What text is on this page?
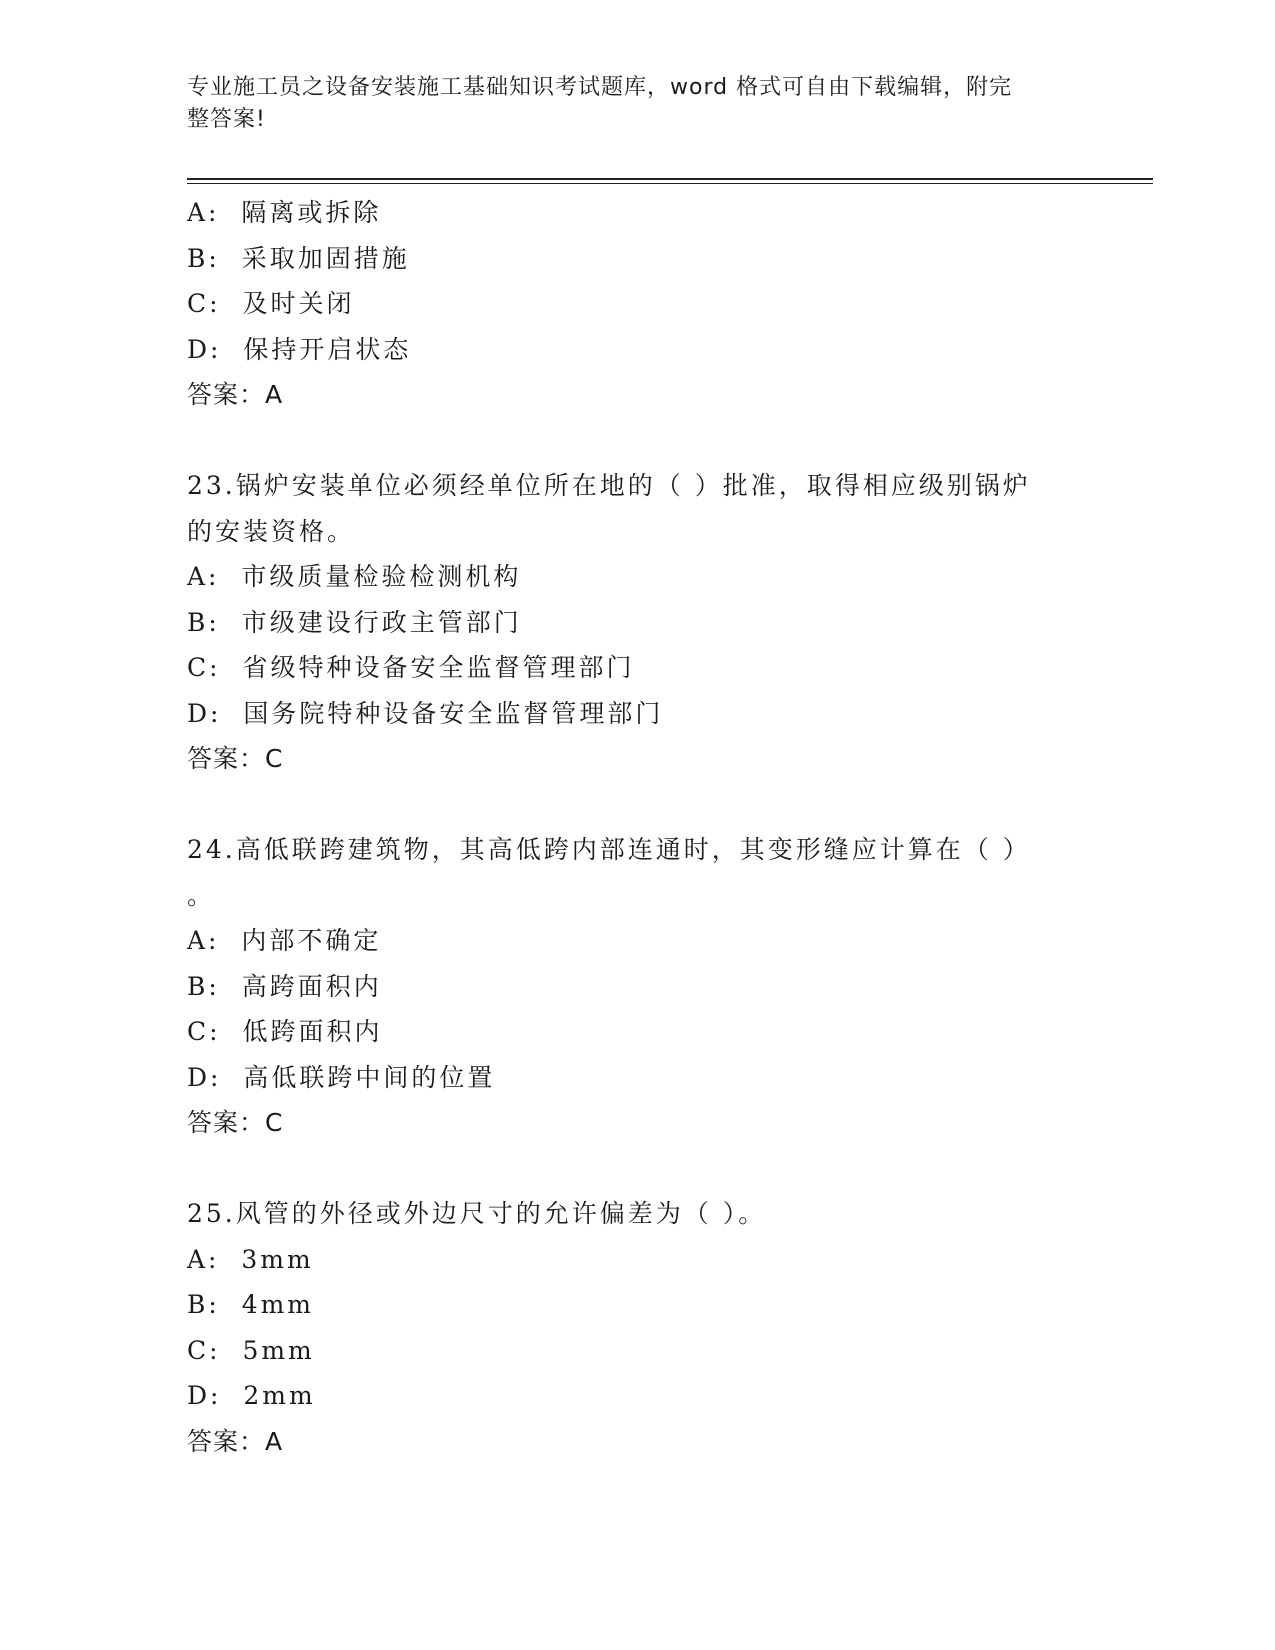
专业施工员之设备安装施工基础知识考试题库，word 格式可自由下载编辑，附完
整答案!
A:  隔离或拆除
B:  采取加固措施
C:  及时关闭
D:  保持开启状态
答案：A
23.锅炉安装单位必须经单位所在地的（ ）批准，取得相应级别锅炉
的安装资格。
A:  市级质量检验检测机构
B:  市级建设行政主管部门
C:  省级特种设备安全监督管理部门
D:  国务院特种设备安全监督管理部门
答案：C
24.高低联跨建筑物，其高低跨内部连通时，其变形缝应计算在（ ）
。
A:  内部不确定
B:  高跨面积内
C:  低跨面积内
D:  高低联跨中间的位置
答案：C
25.风管的外径或外边尺寸的允许偏差为（ ）。
A:  3mm
B:  4mm
C:  5mm
D:  2mm
答案：A
